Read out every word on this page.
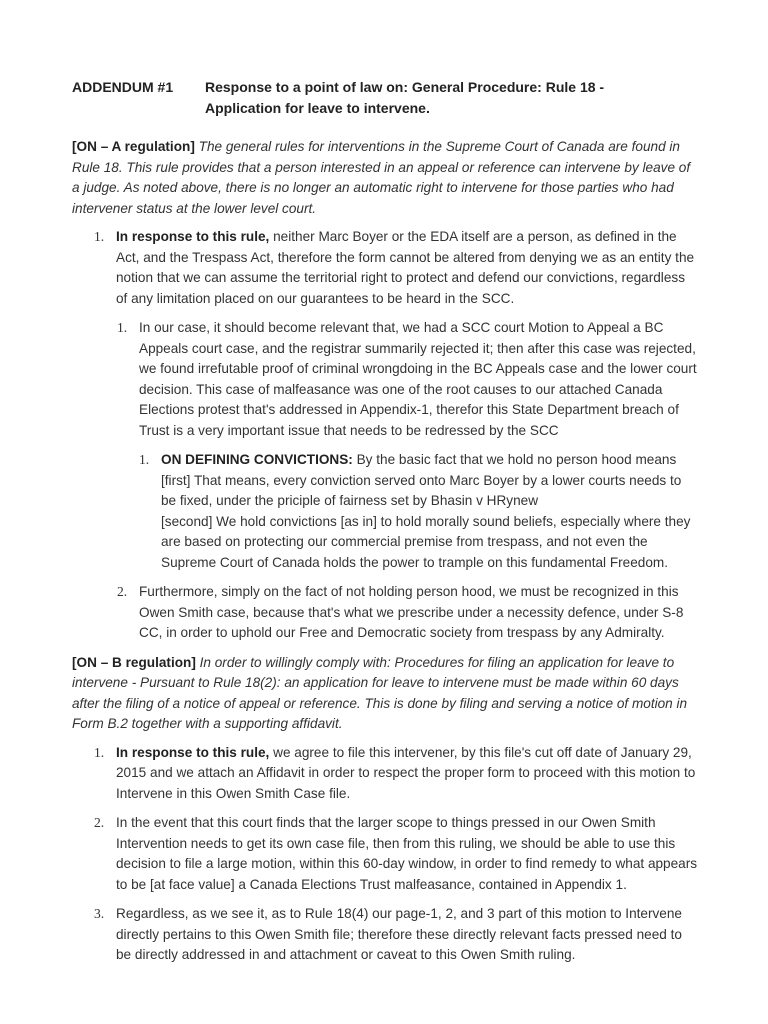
ADDENDUM #1	Response to a point of law on: General Procedure: Rule 18 -
Application for leave to intervene.

[ON – A regulation] The general rules for interventions in the Supreme Court of Canada are found in Rule 18. This rule provides that a person interested in an appeal or reference can intervene by leave of a judge. As noted above, there is no longer an automatic right to intervene for those parties who had intervener status at the lower level court.

1. In response to this rule, neither Marc Boyer or the EDA itself are a person, as defined in the Act, and the Trespass Act, therefore the form cannot be altered from denying we as an entity the notion that we can assume the territorial right to protect and defend our convictions, regardless of any limitation placed on our guarantees to be heard in the SCC.
1. In our case, it should become relevant that, we had a SCC court Motion to Appeal a BC Appeals court case, and the registrar summarily rejected it; then after this case was rejected, we found irrefutable proof of criminal wrongdoing in the BC Appeals case and the lower court decision. This case of malfeasance was one of the root causes to our attached Canada Elections protest that's addressed in Appendix-1, therefor this State Department breach of Trust is a very important issue that needs to be redressed by the SCC
1. ON DEFINING CONVICTIONS: By the basic fact that we hold no person hood means [first] That means, every conviction served onto Marc Boyer by a lower courts needs to be fixed, under the priciple of fairness set by Bhasin v HRynew
[second] We hold convictions [as in] to hold morally sound beliefs, especially where they are based on protecting our commercial premise from trespass, and not even the Supreme Court of Canada holds the power to trample on this fundamental Freedom.
2. Furthermore, simply on the fact of not holding person hood, we must be recognized in this Owen Smith case, because that's what we prescribe under a necessity defence, under S-8 CC, in order to uphold our Free and Democratic society from trespass by any Admiralty.

[ON – B regulation] In order to willingly comply with: Procedures for filing an application for leave to intervene - Pursuant to Rule 18(2): an application for leave to intervene must be made within 60 days after the filing of a notice of appeal or reference. This is done by filing and serving a notice of motion in Form B.2 together with a supporting affidavit.

1. In response to this rule, we agree to file this intervener, by this file's cut off date of January 29, 2015 and we attach an Affidavit in order to respect the proper form to proceed with this motion to Intervene in this Owen Smith Case file.
2. In the event that this court finds that the larger scope to things pressed in our Owen Smith Intervention needs to get its own case file, then from this ruling, we should be able to use this decision to file a large motion, within this 60-day window, in order to find remedy to what appears to be [at face value] a Canada Elections Trust malfeasance, contained in Appendix 1.
3. Regardless, as we see it, as to Rule 18(4) our page-1, 2, and 3 part of this motion to Intervene directly pertains to this Owen Smith file; therefore these directly relevant facts pressed need to be directly addressed in and attachment or caveat to this Owen Smith ruling.
